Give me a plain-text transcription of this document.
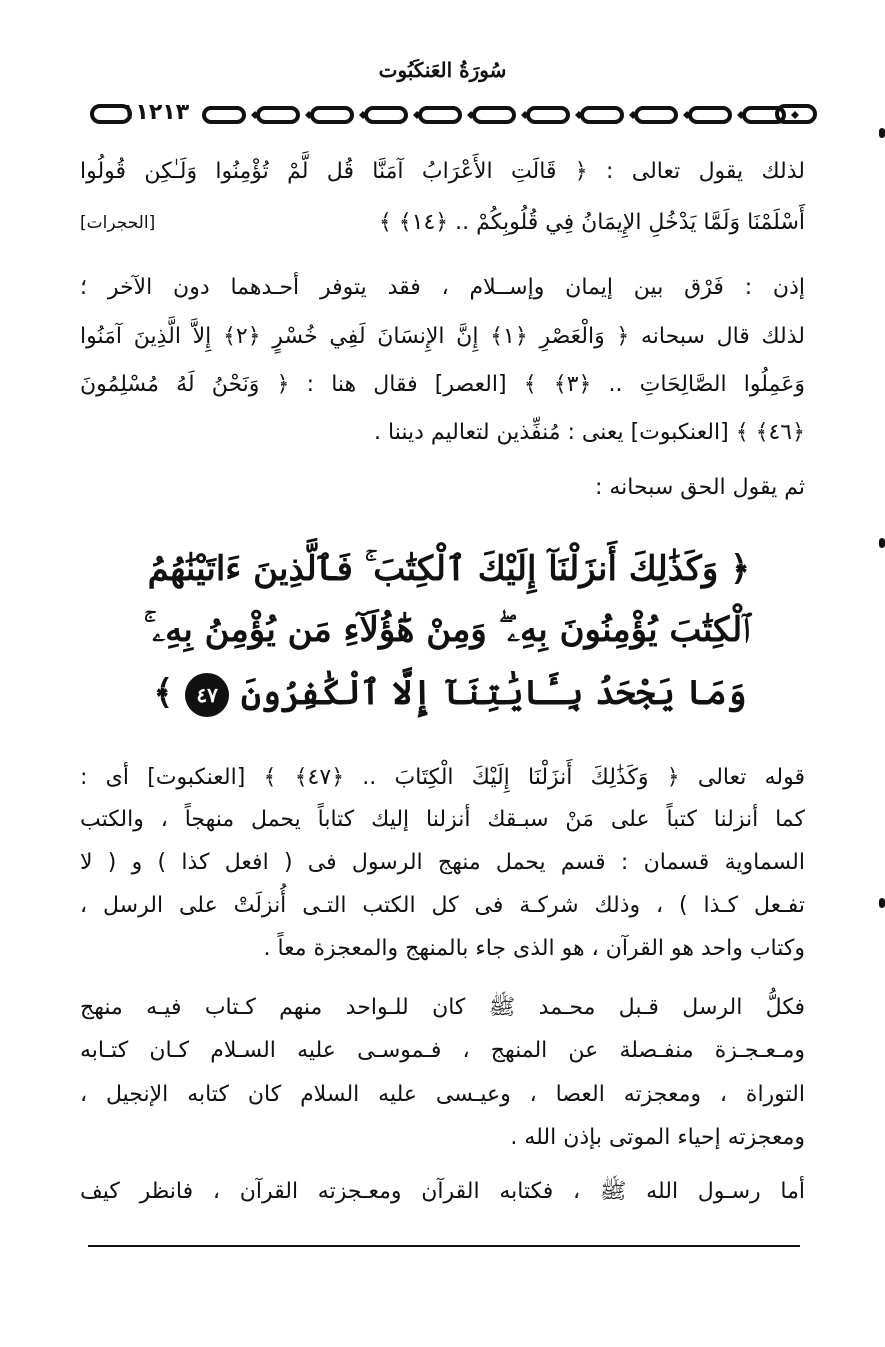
سُورَةُ العَنكَبُوت
١١٢١٣
لذلك يقول تعالى : ﴿ قَالَتِ الأَعْرَابُ آمَنَّا قُل لَّمْ تُؤْمِنُوا وَلَـٰكِن قُولُوا
أَسْلَمْنَا وَلَمَّا يَدْخُلِ الإِيمَانُ فِي قُلُوبِكُمْ .. ﴿١٤﴾ ﴾
[الحجرات]
إذن : فَرْق بين إيمان وإســلام ، فقد يتوفر أحـدهما دون الآخر ؛
لذلك قال سبحانه ﴿ وَالْعَصْرِ ﴿١﴾ إِنَّ الإِنسَانَ لَفِي خُسْرٍ ﴿٢﴾ إِلاَّ الَّذِينَ آمَنُوا
وَعَمِلُوا الصَّالِحَاتِ .. ﴿٣﴾ ﴾ [العصر] فقال هنا : ﴿ وَنَحْنُ لَهُ مُسْلِمُونَ
﴿٤٦﴾ ﴾ [العنكبوت] يعنى : مُنفِّذين لتعاليم ديننا .
ثم يقول الحق سبحانه :
﴿ وَكَذَٰلِكَ أَنزَلْنَآ إِلَيْكَ ٱلْكِتَٰبَ ۚ فَٱلَّذِينَ ءَاتَيْنَٰهُمُ
ٱلْكِتَٰبَ يُؤْمِنُونَ بِهِۦ ۖ وَمِنْ هَٰٓؤُلَآءِ مَن يُؤْمِنُ بِهِۦ ۚ
وَمَا يَجْحَدُ بِـَٔايَٰتِنَآ إِلَّا ٱلْكَٰفِرُونَ ٤٧ ﴾
قوله تعالى ﴿ وَكَذَٰلِكَ أَنزَلْنَا إِلَيْكَ الْكِتَابَ .. ﴿٤٧﴾ ﴾ [العنكبوت] أى :
كما أنزلنا كتباً على مَنْ سبـقك أنزلنا إليك كتاباً يحمل منهجاً ، والكتب
السماوية قسمان : قسم يحمل منهج الرسول فى ( افعل كذا ) و ( لا
تفـعل كـذا ) ، وذلك شركـة فى كل الكتب التـى أُنزلَتْ على الرسل ،
وكتاب واحد هو القرآن ، هو الذى جاء بالمنهج والمعجزة معاً .
فكلُّ الرسل قـبل محـمد ﷺ كان للـواحد منهم كـتاب فيـه منهج
ومـعـجـزة منفـصلة عن المنهج ، فـموسـى عليه السـلام كـان كتـابه
التوراة ، ومعجزته العصا ، وعيـسى عليه السلام كان كتابه الإنجيل ،
ومعجزته إحياء الموتى بإذن الله .
أما رسـول الله ﷺ ، فكتابه القرآن ومعـجزته القرآن ، فانظر كيف
